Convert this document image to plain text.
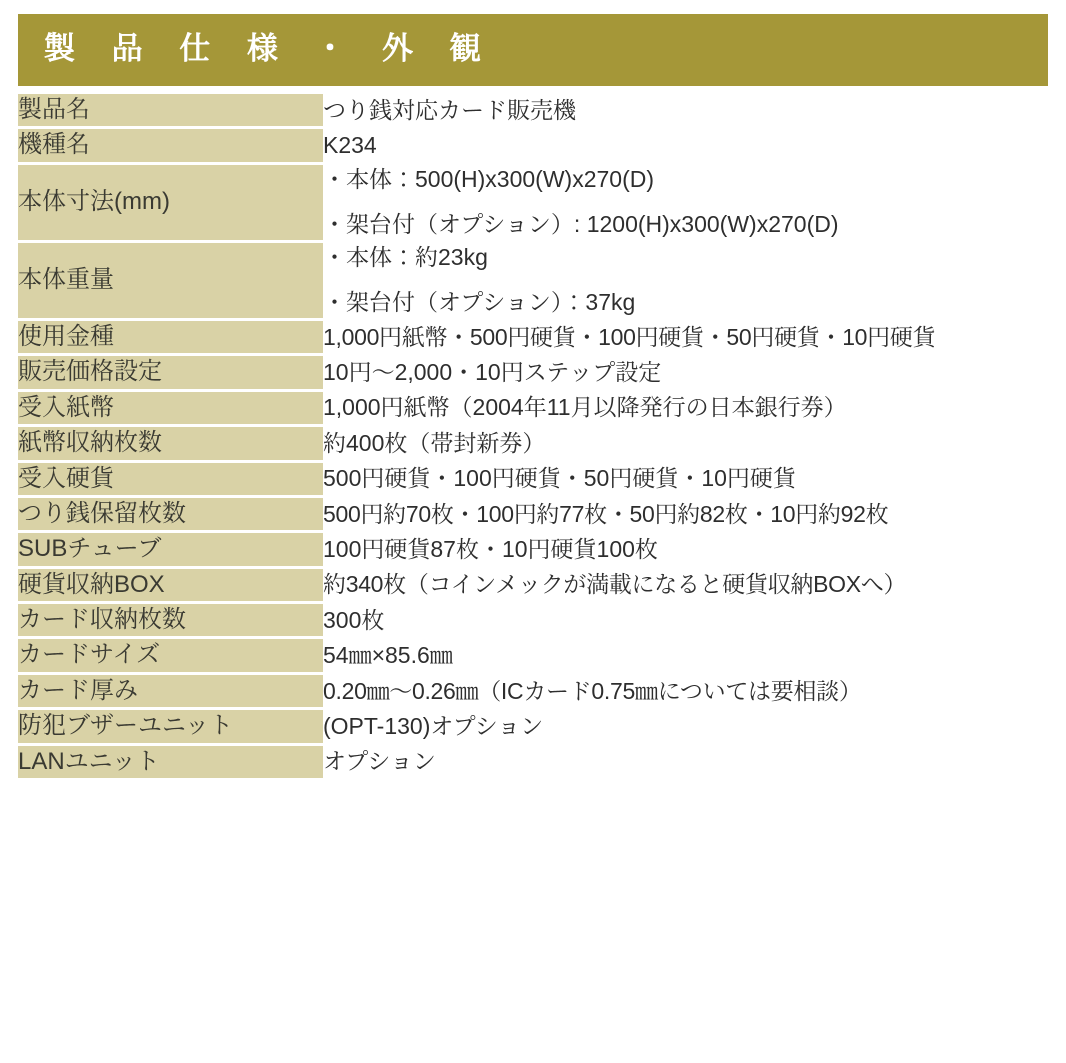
製 品 仕 様 ・ 外 観
製品名	つり銭対応カード販売機

機種名	K234

本体寸法(mm)	・本体：500(H)x300(W)x270(D)
・架台付（オプション）: 1200(H)x300(W)x270(D)

本体重量	・本体：約23kg
・架台付（オプション）：37kg

使用金種	1,000円紙幣・500円硬貨・100円硬貨・50円硬貨・10円硬貨

販売価格設定	10円〜2,000・10円ステップ設定

受入紙幣	1,000円紙幣（2004年11月以降発行の日本銀行券）

紙幣収納枚数	約400枚（帯封新券）

受入硬貨	500円硬貨・100円硬貨・50円硬貨・10円硬貨

つり銭保留枚数	500円約70枚・100円約77枚・50円約82枚・10円約92枚

SUBチューブ	100円硬貨87枚・10円硬貨100枚

硬貨収納BOX	約340枚（コインメックが満載になると硬貨収納BOXへ）

カード収納枚数	300枚

カードサイズ	54㎜×85.6㎜

カード厚み	0.20㎜〜0.26㎜（ICカード0.75㎜については要相談）

防犯ブザーユニット	(OPT-130)オプション

LANユニット	オプション
